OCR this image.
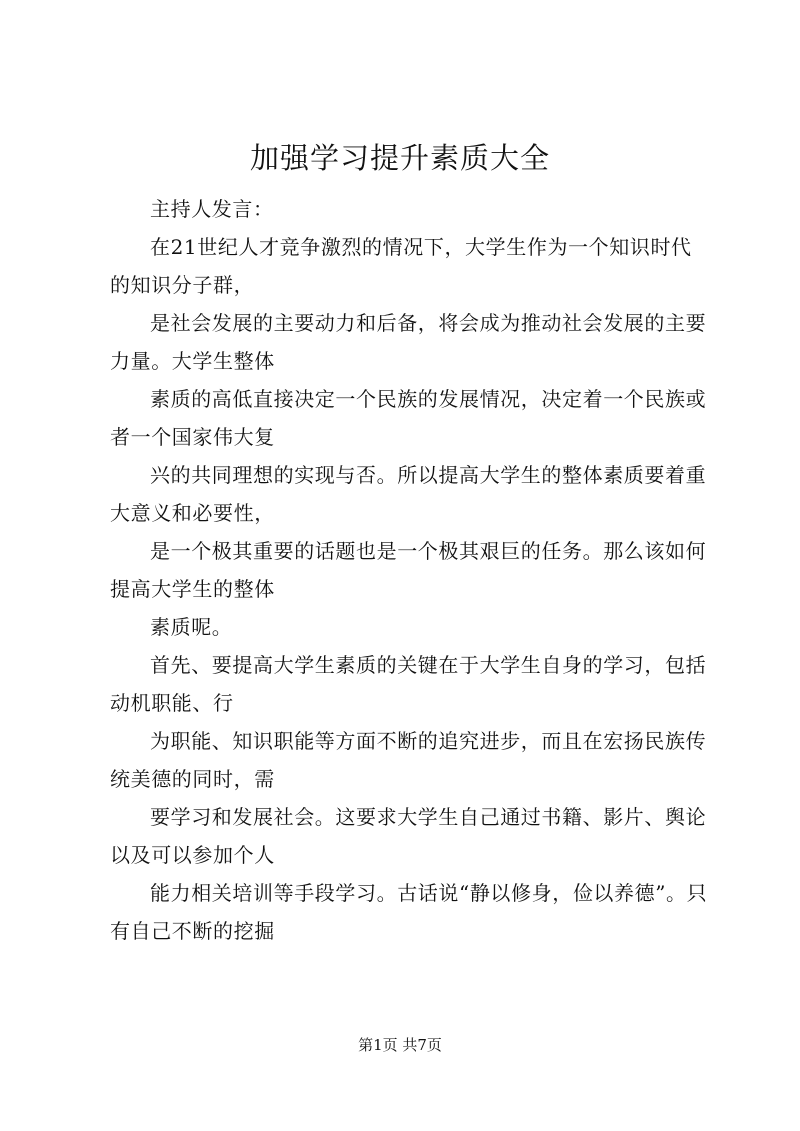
加强学习提升素质大全

主持人发言：

在21世纪人才竞争激烈的情况下，大学生作为一个知识时代的知识分子群，

是社会发展的主要动力和后备，将会成为推动社会发展的主要力量。大学生整体

素质的高低直接决定一个民族的发展情况，决定着一个民族或者一个国家伟大复

兴的共同理想的实现与否。所以提高大学生的整体素质要着重大意义和必要性，

是一个极其重要的话题也是一个极其艰巨的任务。那么该如何提高大学生的整体

素质呢。

首先、要提高大学生素质的关键在于大学生自身的学习，包括动机职能、行

为职能、知识职能等方面不断的追究进步，而且在宏扬民族传统美德的同时，需

要学习和发展社会。这要求大学生自己通过书籍、影片、舆论以及可以参加个人

能力相关培训等手段学习。古话说“静以修身，俭以养德”。只有自己不断的挖掘

第1页 共7页
